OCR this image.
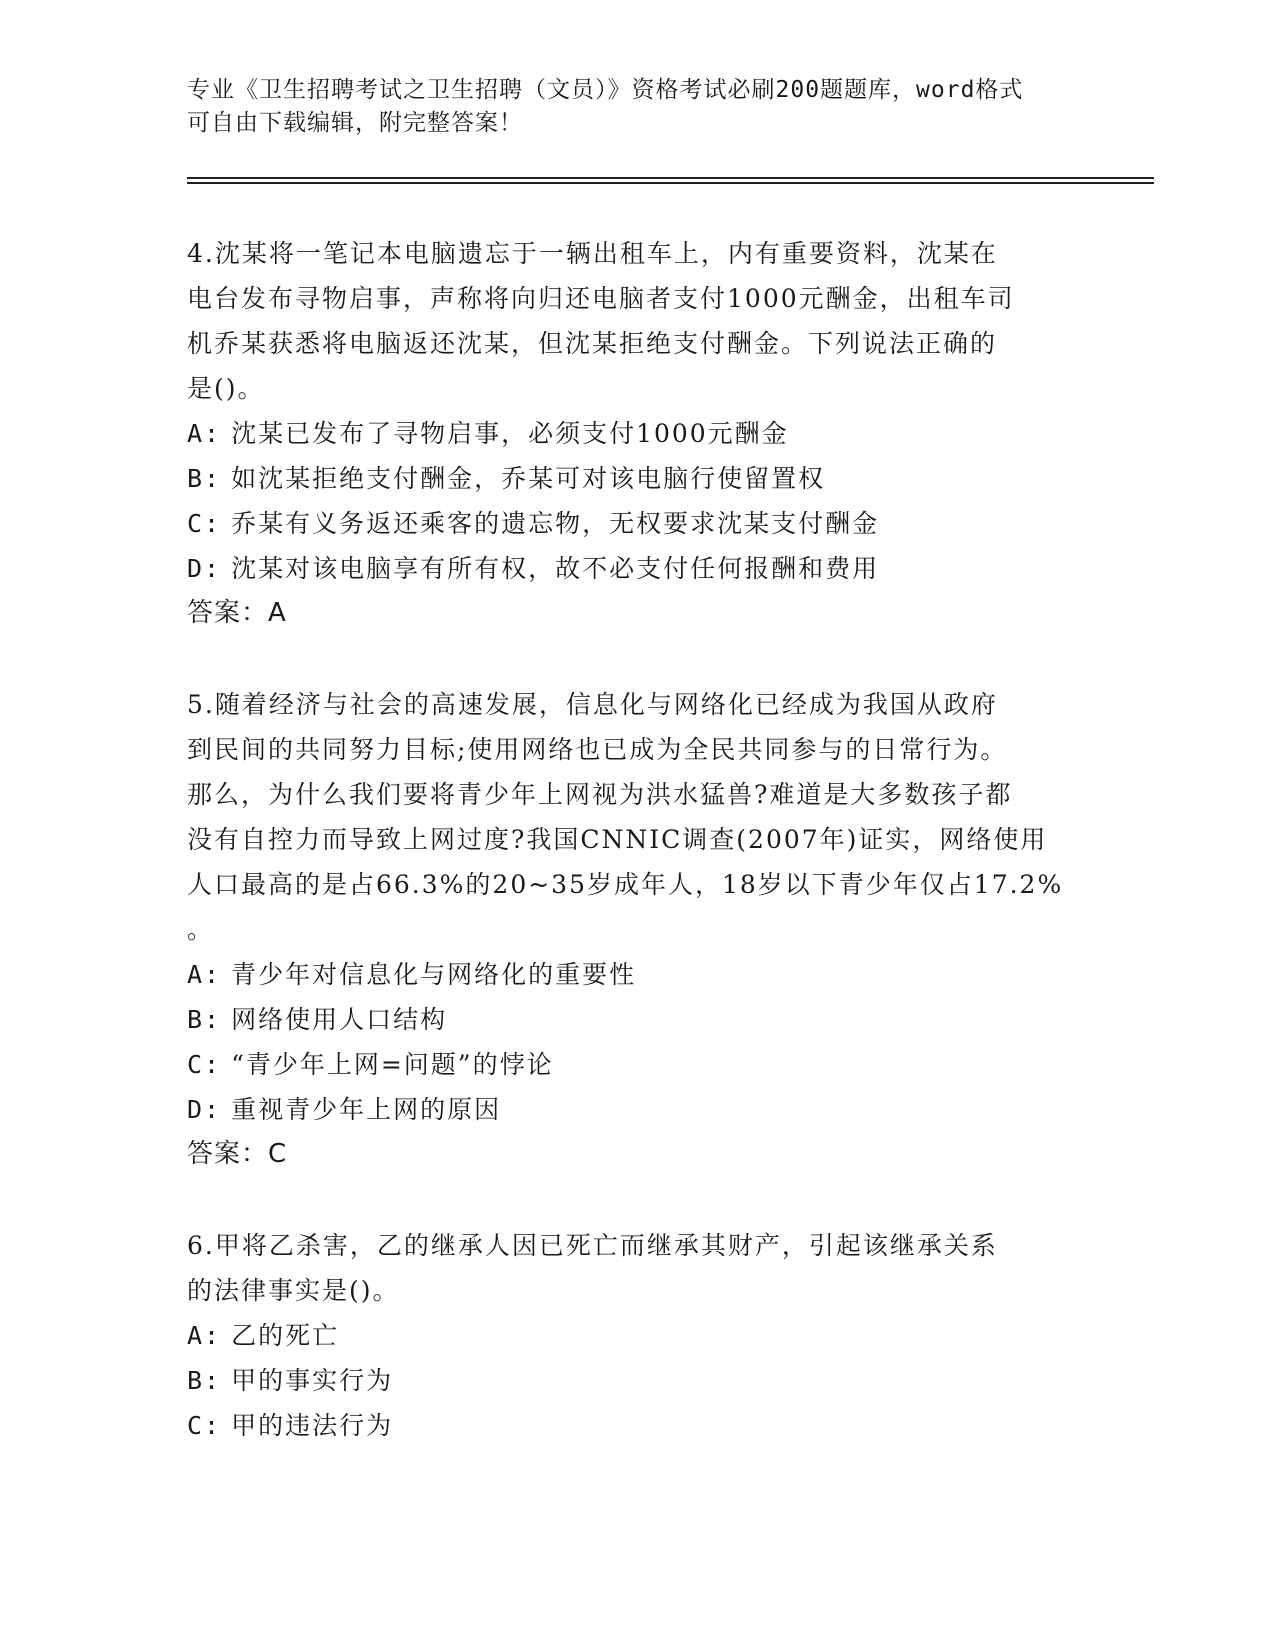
专业《卫生招聘考试之卫生招聘（文员）》资格考试必刷200题题库，word格式
可自由下载编辑，附完整答案！

4.沈某将一笔记本电脑遗忘于一辆出租车上，内有重要资料，沈某在

电台发布寻物启事，声称将向归还电脑者支付1000元酬金，出租车司

机乔某获悉将电脑返还沈某，但沈某拒绝支付酬金。下列说法正确的

是()。

A: 沈某已发布了寻物启事，必须支付1000元酬金

B: 如沈某拒绝支付酬金，乔某可对该电脑行使留置权

C: 乔某有义务返还乘客的遗忘物，无权要求沈某支付酬金

D: 沈某对该电脑享有所有权，故不必支付任何报酬和费用

答案：A

5.随着经济与社会的高速发展，信息化与网络化已经成为我国从政府

到民间的共同努力目标;使用网络也已成为全民共同参与的日常行为。

那么，为什么我们要将青少年上网视为洪水猛兽?难道是大多数孩子都

没有自控力而导致上网过度?我国CNNIC调查(2007年)证实，网络使用

人口最高的是占66.3%的20~35岁成年人，18岁以下青少年仅占17.2%

。

A: 青少年对信息化与网络化的重要性

B: 网络使用人口结构

C: “青少年上网=问题”的悖论

D: 重视青少年上网的原因

答案：C

6.甲将乙杀害，乙的继承人因已死亡而继承其财产，引起该继承关系

的法律事实是()。

A: 乙的死亡

B: 甲的事实行为

C: 甲的违法行为
